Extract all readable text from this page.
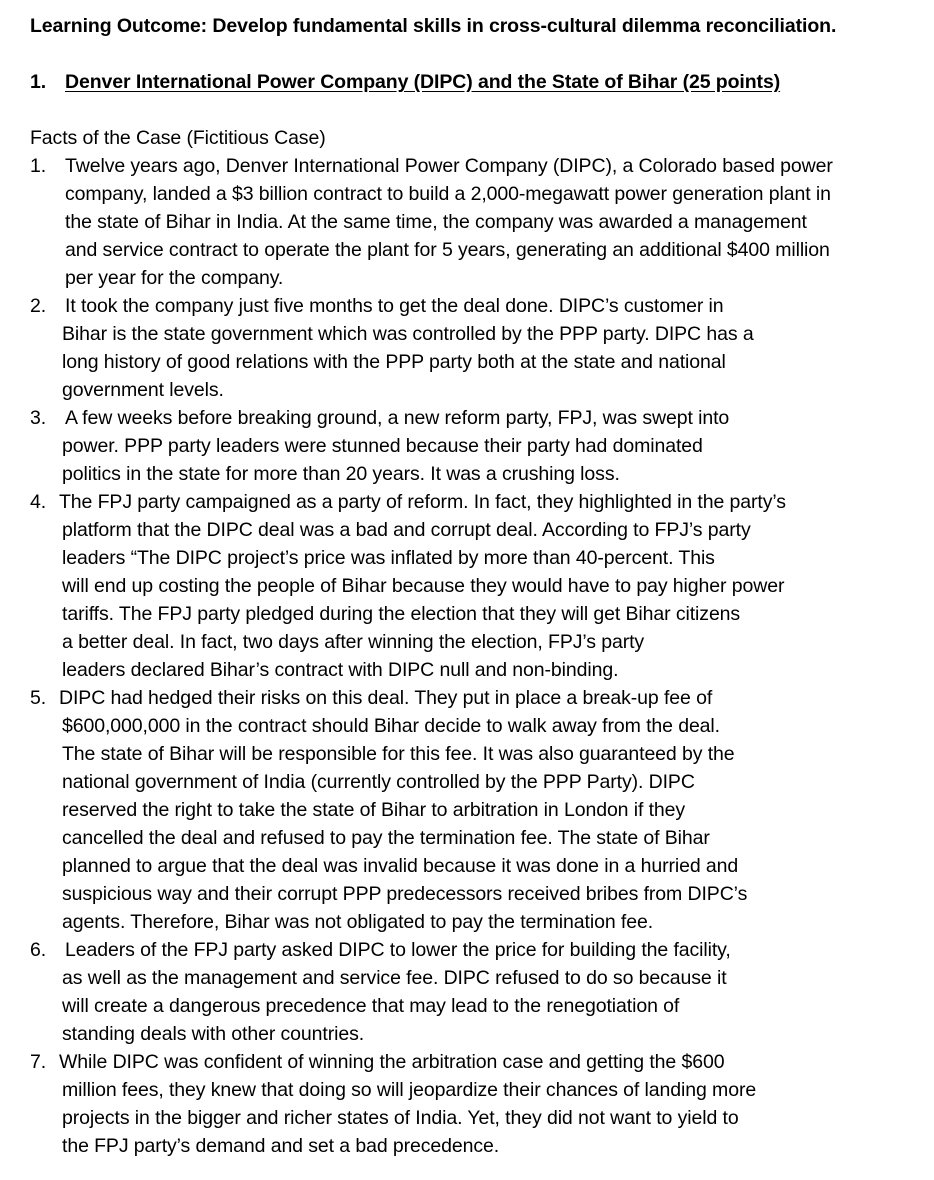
Learning Outcome: Develop fundamental skills in cross-cultural dilemma reconciliation.
1. Denver International Power Company (DIPC) and the State of Bihar (25 points)
Facts of the Case (Fictitious Case)
1. Twelve years ago, Denver International Power Company (DIPC), a Colorado based power
company, landed a $3 billion contract to build a 2,000-megawatt power generation plant in
the state of Bihar in India. At the same time, the company was awarded a management
and service contract to operate the plant for 5 years, generating an additional $400 million
per year for the company.
2. It took the company just five months to get the deal done. DIPC’s customer in
Bihar is the state government which was controlled by the PPP party. DIPC has a
long history of good relations with the PPP party both at the state and national
government levels.
3. A few weeks before breaking ground, a new reform party, FPJ, was swept into
power. PPP party leaders were stunned because their party had dominated
politics in the state for more than 20 years. It was a crushing loss.
4. The FPJ party campaigned as a party of reform. In fact, they highlighted in the party’s
platform that the DIPC deal was a bad and corrupt deal. According to FPJ’s party
leaders “The DIPC project’s price was inflated by more than 40-percent. This
will end up costing the people of Bihar because they would have to pay higher power
tariffs. The FPJ party pledged during the election that they will get Bihar citizens
a better deal. In fact, two days after winning the election, FPJ’s party
leaders declared Bihar’s contract with DIPC null and non-binding.
5. DIPC had hedged their risks on this deal. They put in place a break-up fee of
$600,000,000 in the contract should Bihar decide to walk away from the deal.
The state of Bihar will be responsible for this fee. It was also guaranteed by the
national government of India (currently controlled by the PPP Party). DIPC
reserved the right to take the state of Bihar to arbitration in London if they
cancelled the deal and refused to pay the termination fee. The state of Bihar
planned to argue that the deal was invalid because it was done in a hurried and
suspicious way and their corrupt PPP predecessors received bribes from DIPC’s
agents. Therefore, Bihar was not obligated to pay the termination fee.
6. Leaders of the FPJ party asked DIPC to lower the price for building the facility,
as well as the management and service fee. DIPC refused to do so because it
will create a dangerous precedence that may lead to the renegotiation of
standing deals with other countries.
7. While DIPC was confident of winning the arbitration case and getting the $600
million fees, they knew that doing so will jeopardize their chances of landing more
projects in the bigger and richer states of India. Yet, they did not want to yield to
the FPJ party’s demand and set a bad precedence.
